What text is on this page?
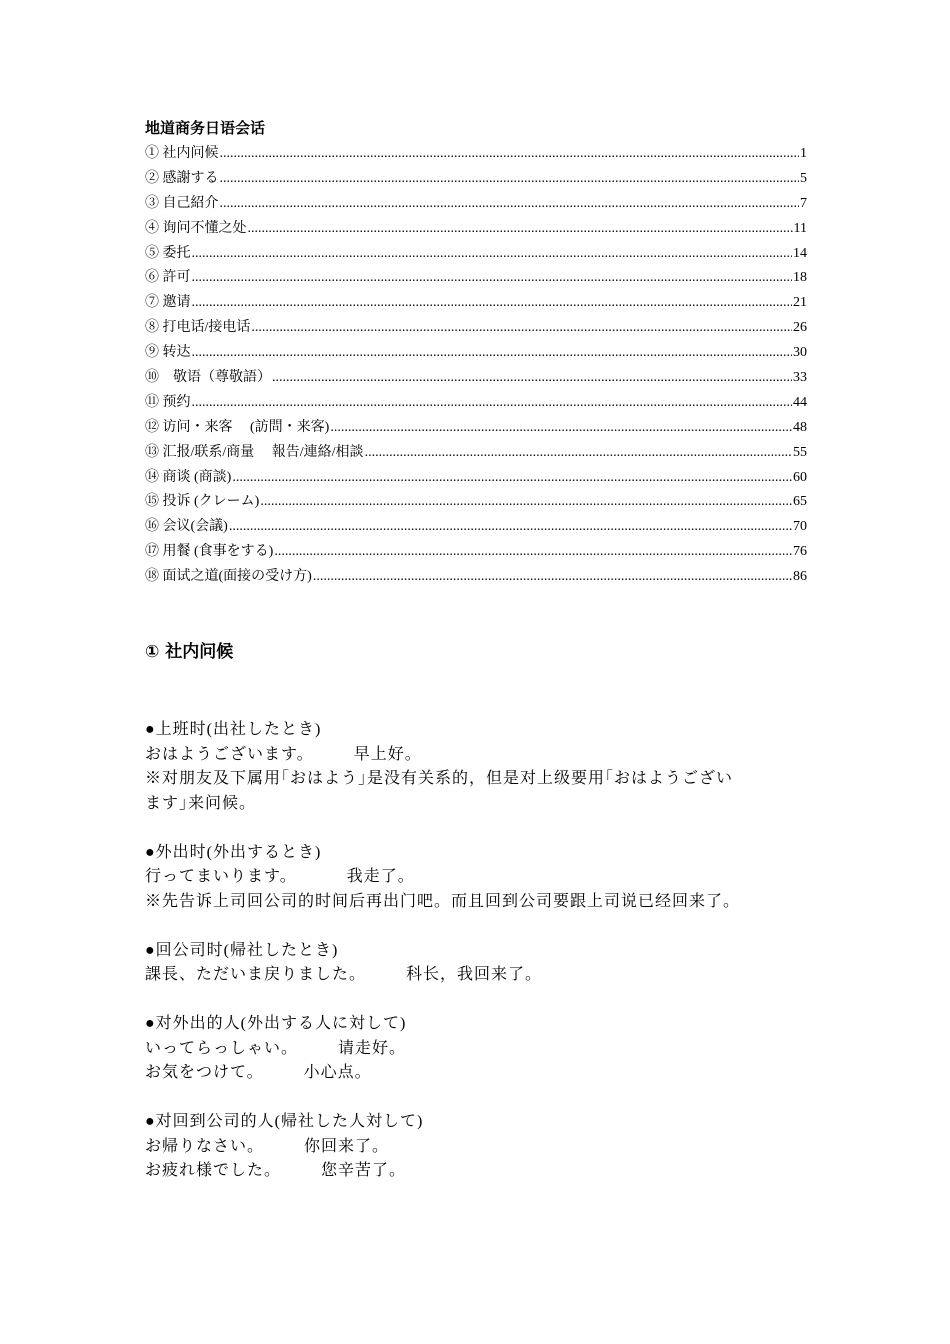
地道商务日语会话
① 社内问候 .....	1
② 感謝する .....	5
③ 自己紹介 .....	7
④ 询问不懂之处 .....	11
⑤ 委托 .....	14
⑥ 許可 .....	18
⑦ 邀请 .....	21
⑧ 打电话/接电话 .....	26
⑨ 转达 .....	30
⑩    敬语（尊敬語） .....	33
⑪ 预约 .....	44
⑫ 访问・来客     (訪問・来客) .....	48
⑬ 汇报/联系/商量     報告/連絡/相談 .....	55
⑭ 商谈 (商談) .....	60
⑮ 投诉 (クレーム) .....	65
⑯ 会议(会議) .....	70
⑰ 用餐 (食事をする) .....	76
⑱ 面试之道(面接の受け方) .....	86
① 社内问候
●上班时(出社したとき)
おはようございます。        早上好。
※对朋友及下属用｢おはよう｣是没有关系的，但是对上级要用｢おはようござい
ます｣来问候。
●外出时(外出するとき)
行ってまいります。          我走了。
※先告诉上司回公司的时间后再出门吧。而且回到公司要跟上司说已经回来了。
●回公司时(帰社したとき)
課長、ただいま戻りました。        科长，我回来了。
●对外出的人(外出する人に対して)
いってらっしゃい。        请走好。
お気をつけて。        小心点。
●对回到公司的人(帰社した人対して)
お帰りなさい。        你回来了。
お疲れ様でした。        您辛苦了。
